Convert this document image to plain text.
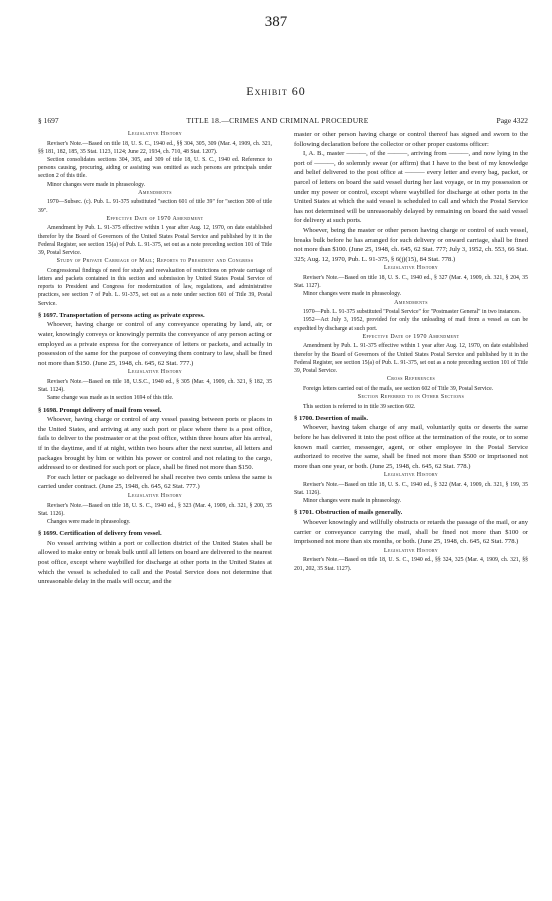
387
Exhibit 60
§ 1697	TITLE 18.—CRIMES AND CRIMINAL PROCEDURE	Page 4322

Legislative History

Reviser's Note.—Based on title 18, U. S. C., 1940 ed., §§ 304, 305, 309 (Mar. 4, 1909, ch. 321, §§ 181, 182, 185, 35 Stat. 1123, 1124; June 22, 1934, ch. 710, 48 Stat. 1207).

Section consolidates sections 304, 305, and 309 of title 18, U. S. C., 1940 ed. Reference to persons causing, procuring, aiding or assisting was omitted as such persons are principals under section 2 of this title.

Minor changes were made in phraseology.

Amendments

1970—Subsec. (c). Pub. L. 91-375 substituted "section 601 of title 39" for "section 300 of title 39".

Effective Date of 1970 Amendment

Amendment by Pub. L. 91-375 effective within 1 year after Aug. 12, 1970, on date established therefor by the Board of Governors of the United States Postal Service and published by it in the Federal Register, see section 15(a) of Pub. L. 91-375, set out as a note preceding section 101 of Title 39, Postal Service.

Study of Private Carriage of Mail; Reports to President and Congress

Congressional findings of need for study and reevaluation of restrictions on private carriage of letters and packets contained in this section and submission by United States Postal Service of reports to President and Congress for modernization of law, regulations, and administrative practices, see section 7 of Pub. L. 91-375, set out as a note under section 601 of Title 39, Postal Service.

§ 1697. Transportation of persons acting as private express.

Whoever, having charge or control of any conveyance operating by land, air, or water, knowingly conveys or knowingly permits the conveyance of any person acting or employed as a private express for the conveyance of letters or packets, and actually in possession of the same for the purpose of conveying them contrary to law, shall be fined not more than $150. (June 25, 1948, ch. 645, 62 Stat. 777.)

Legislative History

Reviser's Note.—Based on title 18, U.S.C., 1940 ed., § 305 (Mar. 4, 1909, ch. 321, § 182, 35 Stat. 1124).

Same change was made as in section 1694 of this title.

§ 1698. Prompt delivery of mail from vessel.

Whoever, having charge or control of any vessel passing between ports or places in the United States, and arriving at any such port or place where there is a post office, fails to deliver to the postmaster or at the post office, within three hours after his arrival, if in the daytime, and if at night, within two hours after the next sunrise, all letters and packages brought by him or within his power or control and not relating to the cargo, addressed to or destined for such port or place, shall be fined not more than $150.

For each letter or package so delivered he shall receive two cents unless the same is carried under contract. (June 25, 1948, ch. 645, 62 Stat. 777.)

Legislative History

Reviser's Note.—Based on title 18, U. S. C., 1940 ed., § 323 (Mar. 4, 1909, ch. 321, § 200, 35 Stat. 1126).

Changes were made in phraseology.

§ 1699. Certification of delivery from vessel.

No vessel arriving within a port or collection district of the United States shall be allowed to make entry or break bulk until all letters on board are delivered to the nearest post office, except where waybilled for discharge at other ports in the United States at which the vessel is scheduled to call and the Postal Service does not determine that unreasonable delay in the mails will occur, and the

master or other person having charge or control thereof has signed and sworn to the following declaration before the collector or other proper customs officer:

I, A. B., master ———, of the ———, arriving from ———, and now lying in the port of ———, do solemnly swear (or affirm) that I have to the best of my knowledge and belief delivered to the post office at ——— every letter and every bag, packet, or parcel of letters on board the said vessel during her last voyage, or in my possession or under my power or control, except where waybilled for discharge at other ports in the United States at which the said vessel is scheduled to call and which the Postal Service has not determined will be unreasonably delayed by remaining on board the said vessel for delivery at such ports.

Whoever, being the master or other person having charge or control of such vessel, breaks bulk before he has arranged for such delivery or onward carriage, shall be fined not more than $100. (June 25, 1948, ch. 645, 62 Stat. 777; July 3, 1952, ch. 553, 66 Stat. 325; Aug. 12, 1970, Pub. L. 91-375, § 6(j)(15), 84 Stat. 778.)

Legislative History

Reviser's Note.—Based on title 18, U. S. C., 1940 ed., § 327 (Mar. 4, 1909, ch. 321, § 204, 35 Stat. 1127).

Minor changes were made in phraseology.

Amendments

1970—Pub. L. 91-375 substituted "Postal Service" for "Postmaster General" in two instances.

1952—Act July 3, 1952, provided for only the unloading of mail from a vessel as can be expedited by discharge at such port.

Effective Date of 1970 Amendment

Amendment by Pub. L. 91-375 effective within 1 year after Aug. 12, 1970, on date established therefor by the Board of Governors of the United States Postal Service and published by it in the Federal Register, see section 15(a) of Pub. L. 91-375, set out as a note preceding section 101 of Title 39, Postal Service.

Cross References

Foreign letters carried out of the mails, see section 602 of Title 39, Postal Service.

Section Referred to in Other Sections

This section is referred to in title 39 section 602.

§ 1700. Desertion of mails.

Whoever, having taken charge of any mail, voluntarily quits or deserts the same before he has delivered it into the post office at the termination of the route, or to some known mail carrier, messenger, agent, or other employee in the Postal Service authorized to receive the same, shall be fined not more than $500 or imprisoned not more than one year, or both. (June 25, 1948, ch. 645, 62 Stat. 778.)

Legislative History

Reviser's Note.—Based on title 18, U. S. C., 1940 ed., § 322 (Mar. 4, 1909, ch. 321, § 199, 35 Stat. 1126).

Minor changes were made in phraseology.

§ 1701. Obstruction of mails generally.

Whoever knowingly and willfully obstructs or retards the passage of the mail, or any carrier or conveyance carrying the mail, shall be fined not more than $100 or imprisoned not more than six months, or both. (June 25, 1948, ch. 645, 62 Stat. 778.)

Legislative History

Reviser's Note.—Based on title 18, U. S. C., 1940 ed., §§ 324, 325 (Mar. 4, 1909, ch. 321, §§ 201, 202, 35 Stat. 1127).
